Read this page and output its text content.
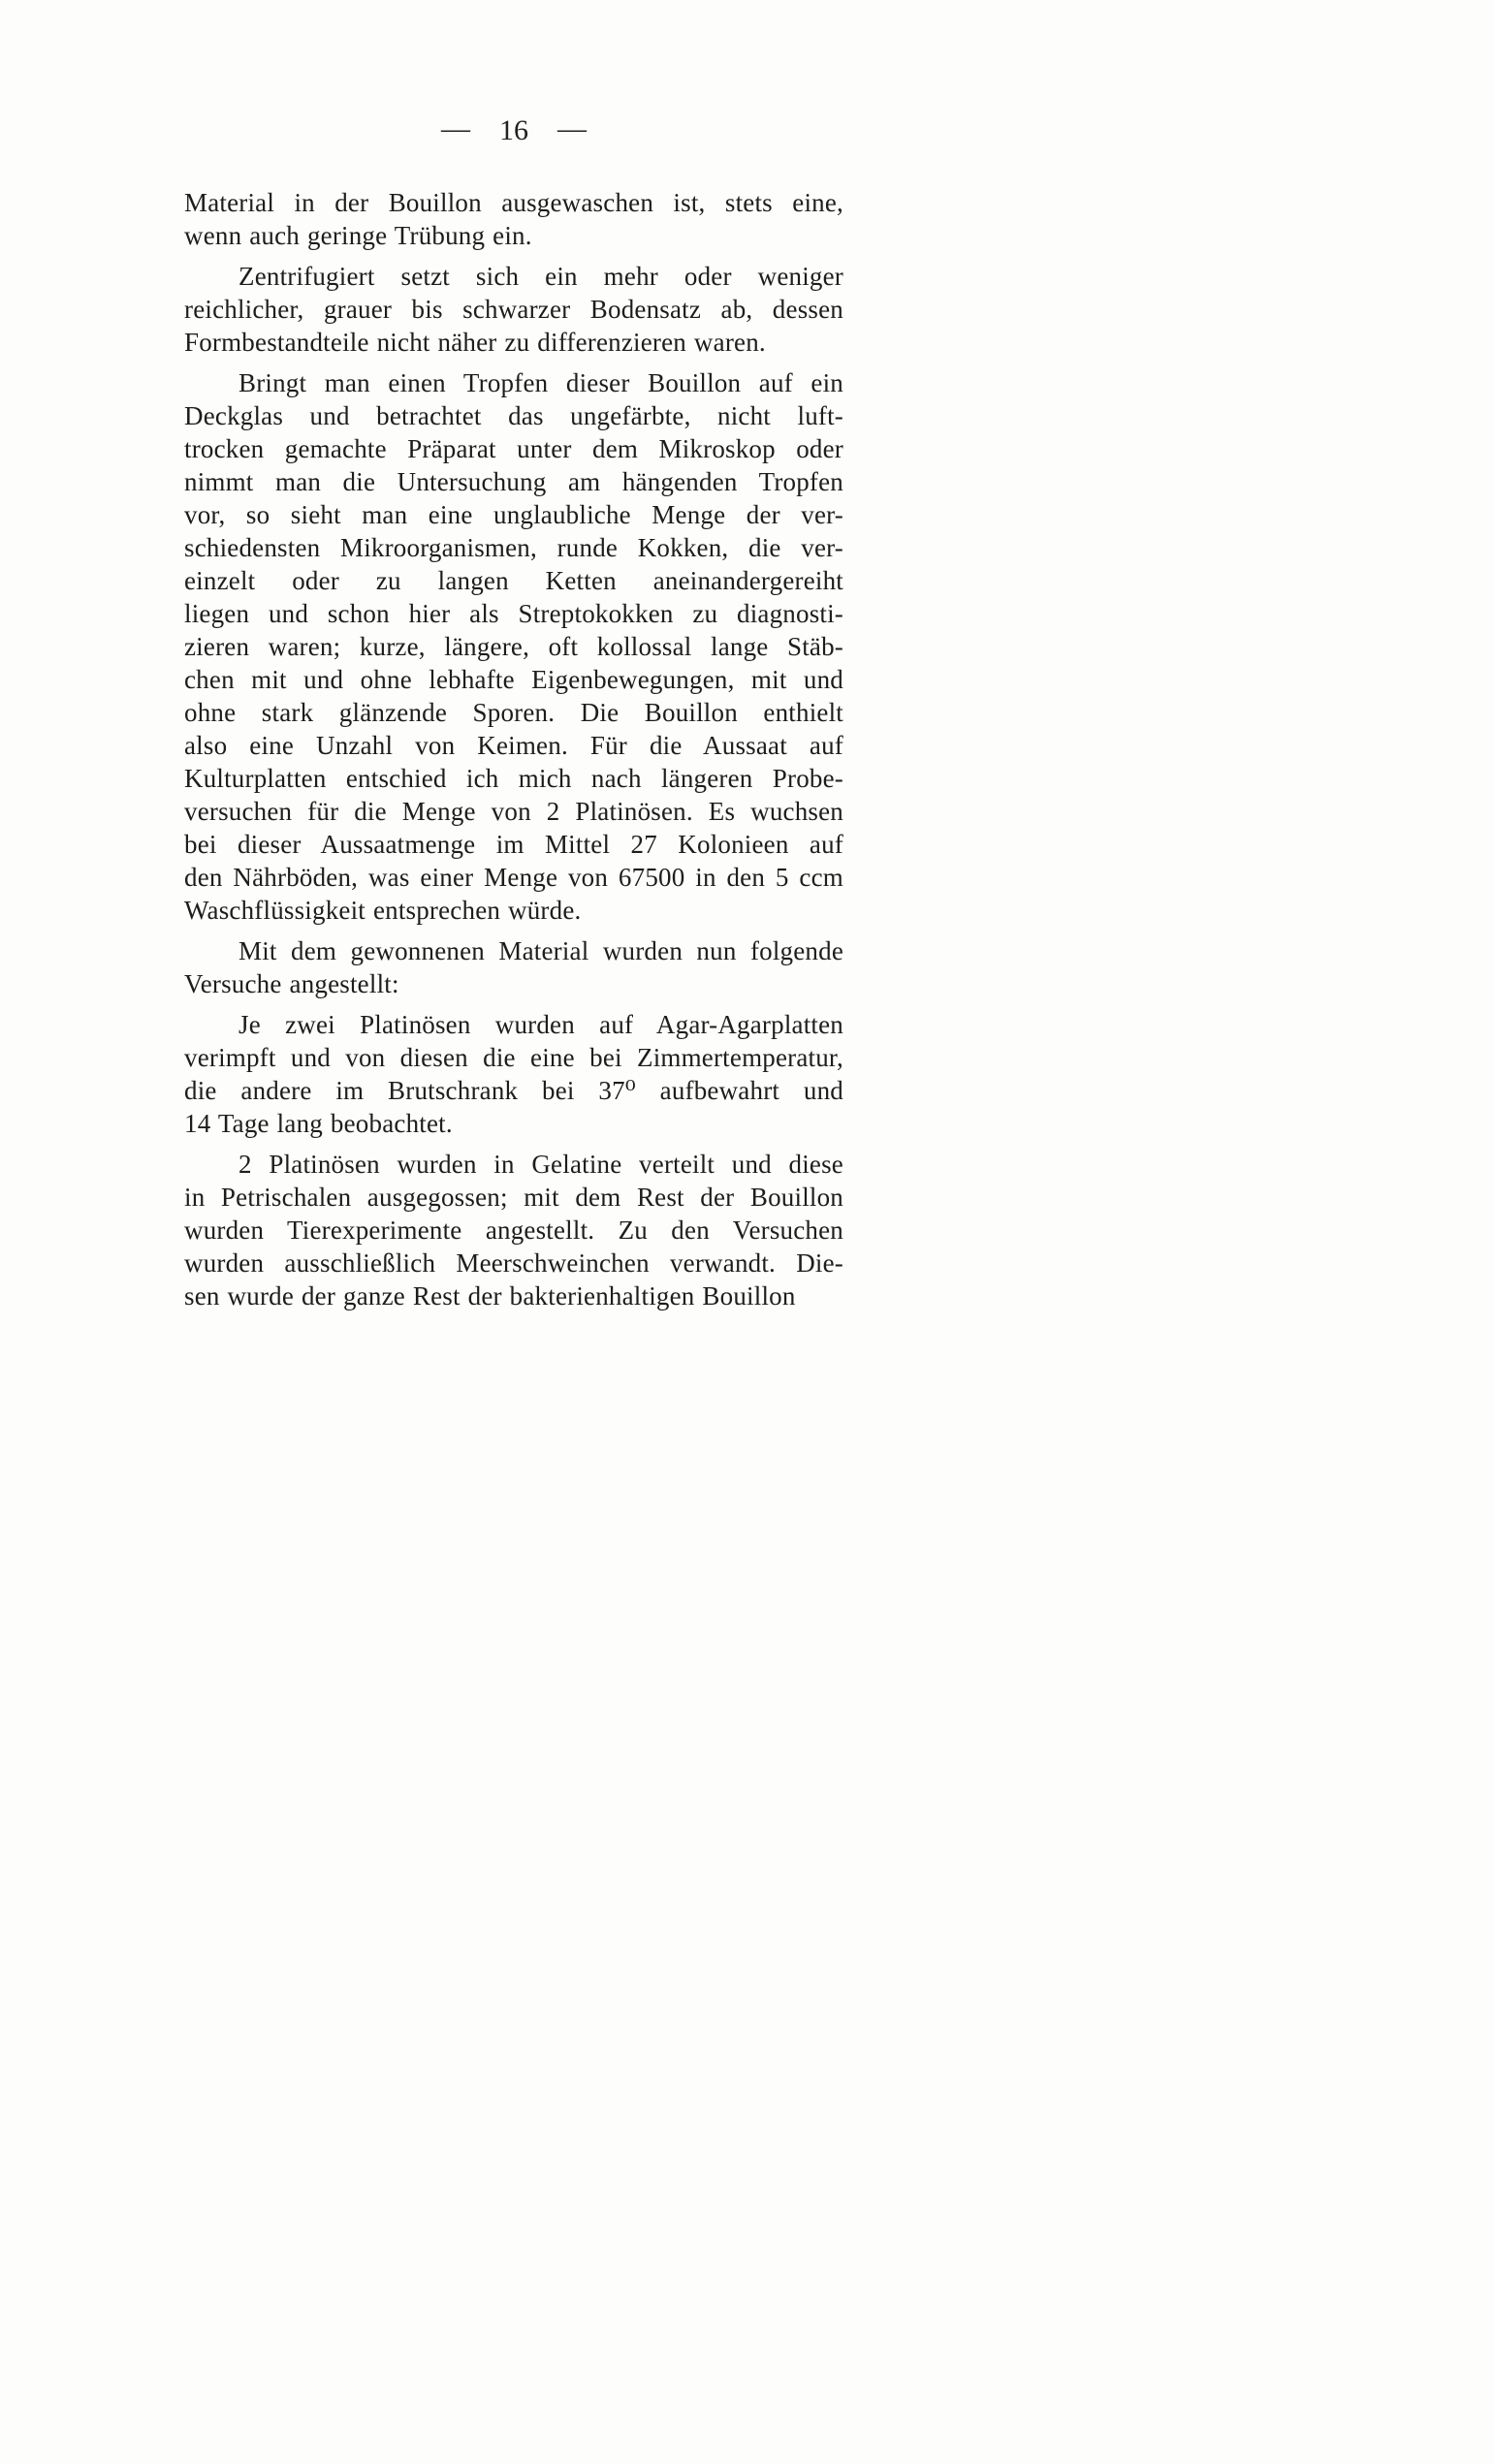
— 16 —

Material in der Bouillon ausgewaschen ist, stets eine,
wenn auch geringe Trübung ein.

Zentrifugiert setzt sich ein mehr oder weniger
reichlicher, grauer bis schwarzer Bodensatz ab, dessen
Formbestandteile nicht näher zu differenzieren waren.

Bringt man einen Tropfen dieser Bouillon auf ein
Deckglas und betrachtet das ungefärbte, nicht luft-
trocken gemachte Präparat unter dem Mikroskop oder
nimmt man die Untersuchung am hängenden Tropfen
vor, so sieht man eine unglaubliche Menge der ver-
schiedensten Mikroorganismen, runde Kokken, die ver-
einzelt oder zu langen Ketten aneinandergereiht
liegen und schon hier als Streptokokken zu diagnosti-
zieren waren; kurze, längere, oft kollossal lange Stäb-
chen mit und ohne lebhafte Eigenbewegungen, mit und
ohne stark glänzende Sporen. Die Bouillon enthielt
also eine Unzahl von Keimen. Für die Aussaat auf
Kulturplatten entschied ich mich nach längeren Probe-
versuchen für die Menge von 2 Platinösen. Es wuchsen
bei dieser Aussaatmenge im Mittel 27 Kolonieen auf
den Nährböden, was einer Menge von 67500 in den 5 ccm
Waschflüssigkeit entsprechen würde.

Mit dem gewonnenen Material wurden nun folgende
Versuche angestellt:

Je zwei Platinösen wurden auf Agar-Agarplatten
verimpft und von diesen die eine bei Zimmertemperatur,
die andere im Brutschrank bei 37⁰ aufbewahrt und
14 Tage lang beobachtet.

2 Platinösen wurden in Gelatine verteilt und diese
in Petrischalen ausgegossen; mit dem Rest der Bouillon
wurden Tierexperimente angestellt. Zu den Versuchen
wurden ausschließlich Meerschweinchen verwandt. Die-
sen wurde der ganze Rest der bakterienhaltigen Bouillon
